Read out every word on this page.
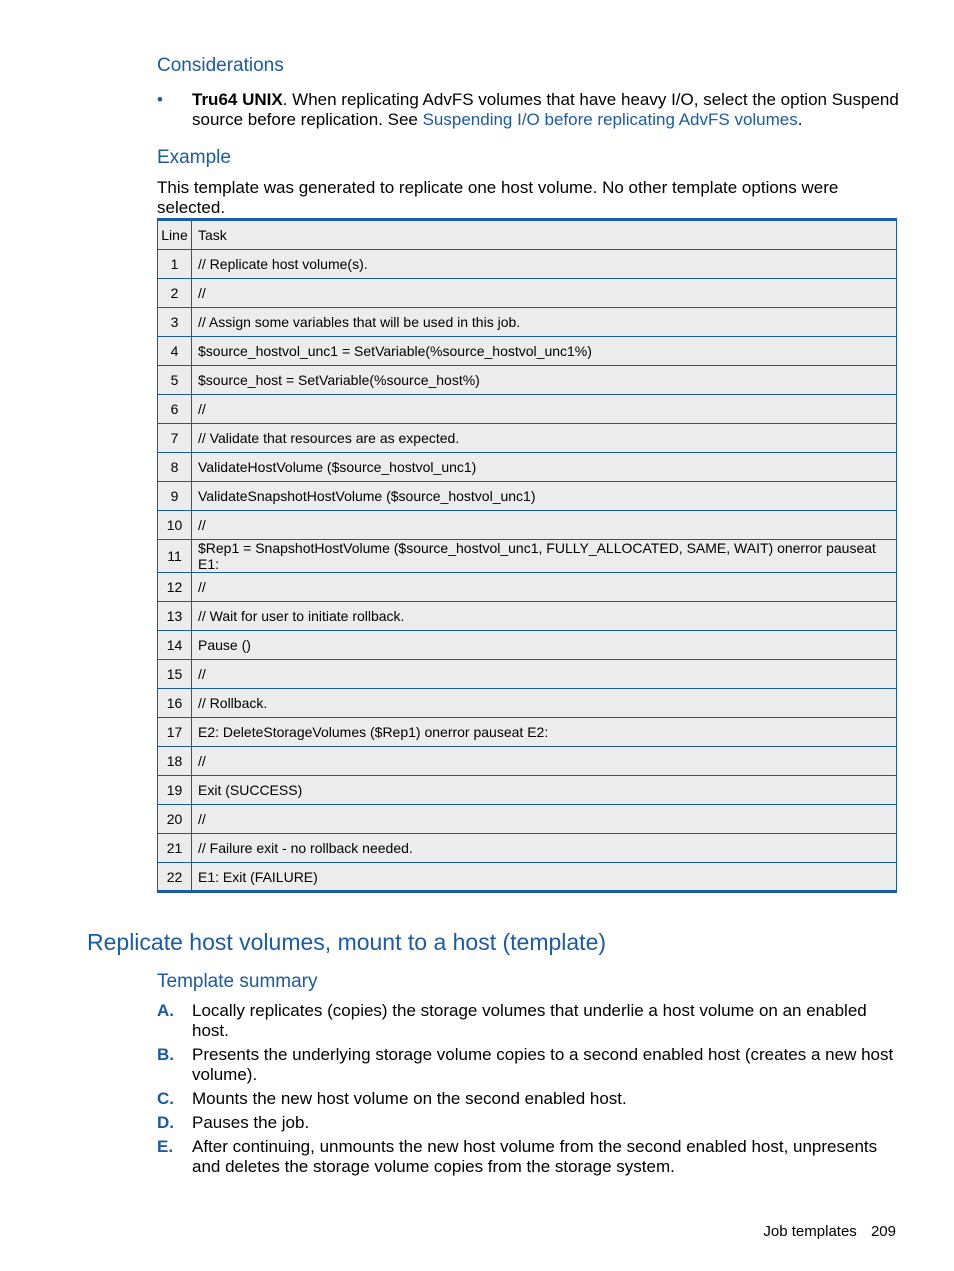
Considerations
• Tru64 UNIX. When replicating AdvFS volumes that have heavy I/O, select the option Suspend source before replication. See Suspending I/O before replicating AdvFS volumes.
Example
This template was generated to replicate one host volume. No other template options were selected.
Line	Task
1	// Replicate host volume(s).
2	//
3	// Assign some variables that will be used in this job.
4	$source_hostvol_unc1 = SetVariable(%source_hostvol_unc1%)
5	$source_host = SetVariable(%source_host%)
6	//
7	// Validate that resources are as expected.
8	ValidateHostVolume ($source_hostvol_unc1)
9	ValidateSnapshotHostVolume ($source_hostvol_unc1)
10	//
11	$Rep1 = SnapshotHostVolume ($source_hostvol_unc1, FULLY_ALLOCATED, SAME, WAIT) onerror pauseat E1:
12	//
13	// Wait for user to initiate rollback.
14	Pause ()
15	//
16	// Rollback.
17	E2: DeleteStorageVolumes ($Rep1) onerror pauseat E2:
18	//
19	Exit (SUCCESS)
20	//
21	// Failure exit - no rollback needed.
22	E1: Exit (FAILURE)
Replicate host volumes, mount to a host (template)
Template summary
A. Locally replicates (copies) the storage volumes that underlie a host volume on an enabled host.
B. Presents the underlying storage volume copies to a second enabled host (creates a new host volume).
C. Mounts the new host volume on the second enabled host.
D. Pauses the job.
E. After continuing, unmounts the new host volume from the second enabled host, unpresents and deletes the storage volume copies from the storage system.
Job templates 209
